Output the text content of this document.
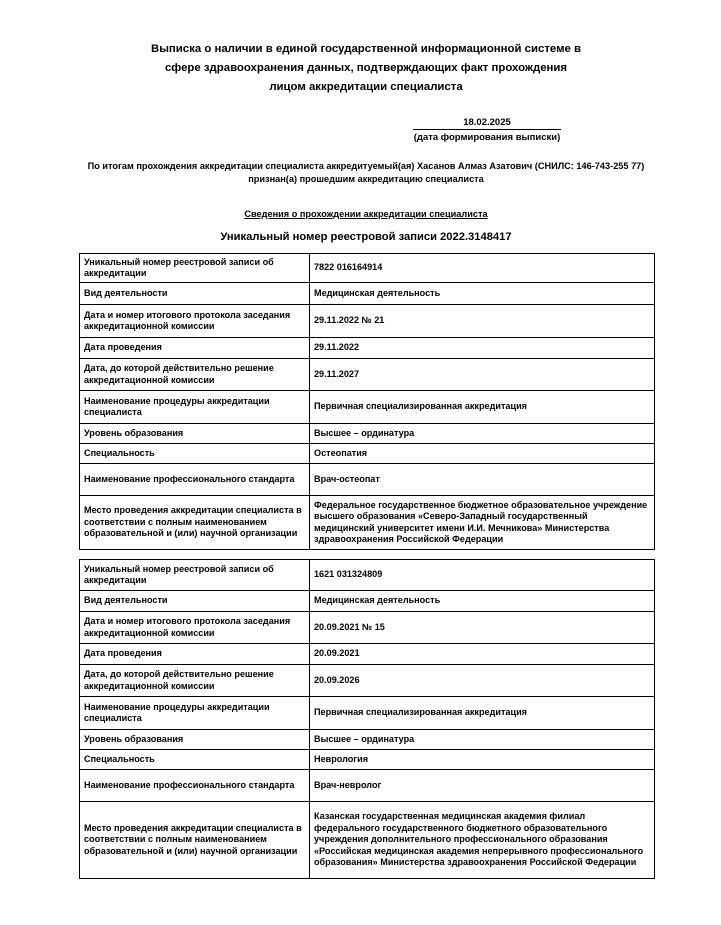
Выписка о наличии в единой государственной информационной системе в сфере здравоохранения данных, подтверждающих факт прохождения лицом аккредитации специалиста
18.02.2025
(дата формирования выписки)
По итогам прохождения аккредитации специалиста аккредитуемый(ая) Хасанов Алмаз Азатович (СНИЛС: 146-743-255 77) признан(а) прошедшим аккредитацию специалиста
Сведения о прохождении аккредитации специалиста
Уникальный номер реестровой записи 2022.3148417
Уникальный номер реестровой записи об аккредитации	7822 016164914
Вид деятельности	Медицинская деятельность
Дата и номер итогового протокола заседания аккредитационной комиссии	29.11.2022 № 21
Дата проведения	29.11.2022
Дата, до которой действительно решение аккредитационной комиссии	29.11.2027
Наименование процедуры аккредитации специалиста	Первичная специализированная аккредитация
Уровень образования	Высшее – ординатура
Специальность	Остеопатия
Наименование профессионального стандарта	Врач-остеопат
Место проведения аккредитации специалиста в соответствии с полным наименованием образовательной и (или) научной организации	Федеральное государственное бюджетное образовательное учреждение высшего образования «Северо-Западный государственный медицинский университет имени И.И. Мечникова» Министерства здравоохранения Российской Федерации
Уникальный номер реестровой записи об аккредитации	1621 031324809
Вид деятельности	Медицинская деятельность
Дата и номер итогового протокола заседания аккредитационной комиссии	20.09.2021 № 15
Дата проведения	20.09.2021
Дата, до которой действительно решение аккредитационной комиссии	20.09.2026
Наименование процедуры аккредитации специалиста	Первичная специализированная аккредитация
Уровень образования	Высшее – ординатура
Специальность	Неврология
Наименование профессионального стандарта	Врач-невролог
Место проведения аккредитации специалиста в соответствии с полным наименованием образовательной и (или) научной организации	Казанская государственная медицинская академия филиал федерального государственного бюджетного образовательного учреждения дополнительного профессионального образования «Российская медицинская академия непрерывного профессионального образования» Министерства здравоохранения Российской Федерации
